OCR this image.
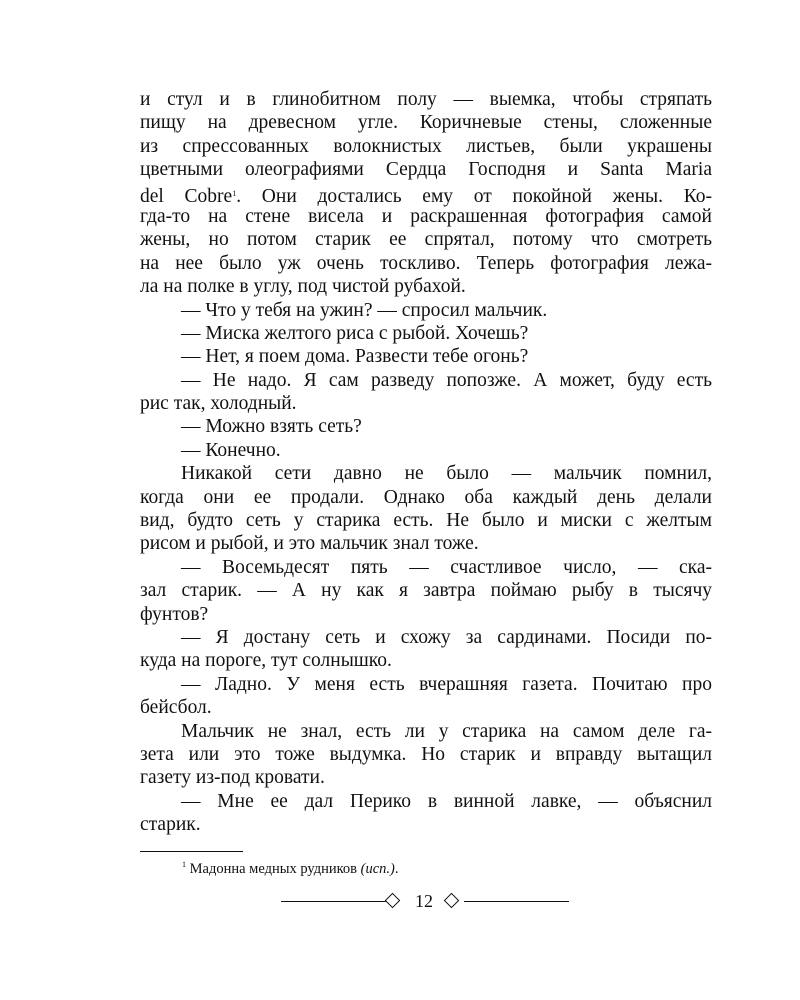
и стул и в глинобитном полу — выемка, чтобы стряпать
пищу на древесном угле. Коричневые стены, сложенные
из спрессованных волокнистых листьев, были украшены
цветными олеографиями Сердца Господня и Santa Maria
del Cobre$^1$. Они достались ему от покойной жены. Ко-
гда-то на стене висела и раскрашенная фотография самой
жены, но потом старик ее спрятал, потому что смотреть
на нее было уж очень тоскливо. Теперь фотография лежа-
ла на полке в углу, под чистой рубахой.
— Что у тебя на ужин? — спросил мальчик.
— Миска желтого риса с рыбой. Хочешь?
— Нет, я поем дома. Развести тебе огонь?
— Не надо. Я сам разведу попозже. А может, буду есть
рис так, холодный.
— Можно взять сеть?
— Конечно.
Никакой сети давно не было — мальчик помнил,
когда они ее продали. Однако оба каждый день делали
вид, будто сеть у старика есть. Не было и миски с желтым
рисом и рыбой, и это мальчик знал тоже.
— Восемьдесят пять — счастливое число, — ска-
зал старик. — А ну как я завтра поймаю рыбу в тысячу
фунтов?
— Я достану сеть и схожу за сардинами. Посиди по-
куда на пороге, тут солнышко.
— Ладно. У меня есть вчерашняя газета. Почитаю про
бейсбол.
Мальчик не знал, есть ли у старика на самом деле га-
зета или это тоже выдумка. Но старик и вправду вытащил
газету из-под кровати.
— Мне ее дал Перико в винной лавке, — объяснил
старик.
$^1$ Мадонна медных рудников (исп.).
12
